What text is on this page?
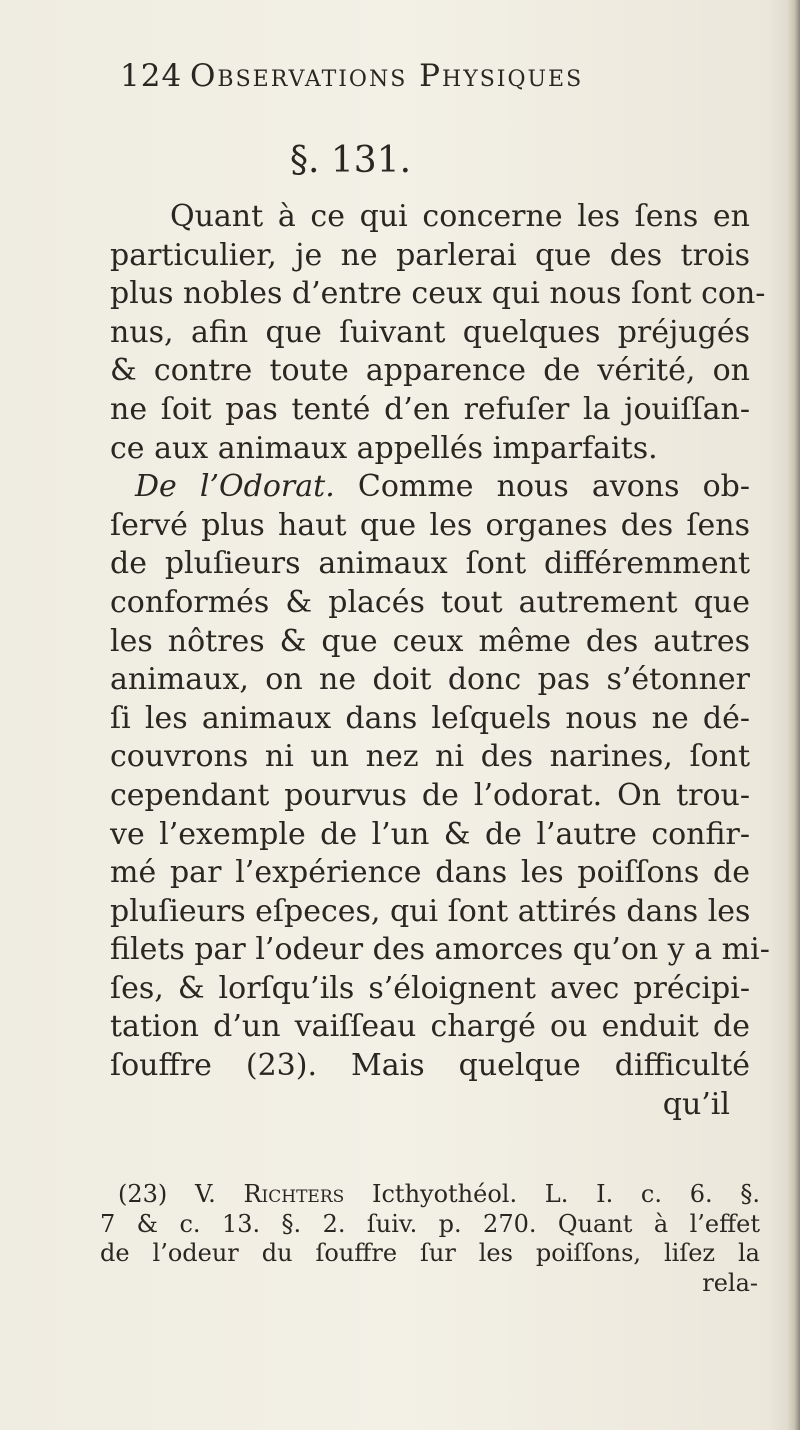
124 Observations Physiques
§. 131.
Quant à ce qui concerne les ſens en
particulier, je ne parlerai que des trois
plus nobles d’entre ceux qui nous ſont con-
nus, afin que ſuivant quelques préjugés
& contre toute apparence de vérité, on
ne ſoit pas tenté d’en refuſer la jouiſſan-
ce aux animaux appellés imparfaits.
De l’Odorat. Comme nous avons ob-
ſervé plus haut que les organes des ſens
de pluſieurs animaux ſont différemment
conformés & placés tout autrement que
les nôtres & que ceux même des autres
animaux, on ne doit donc pas s’étonner
ſi les animaux dans leſquels nous ne dé-
couvrons ni un nez ni des narines, ſont
cependant pourvus de l’odorat. On trou-
ve l’exemple de l’un & de l’autre confir-
mé par l’expérience dans les poiſſons de
pluſieurs eſpeces, qui ſont attirés dans les
filets par l’odeur des amorces qu’on y a mi-
ſes, & lorſqu’ils s’éloignent avec précipi-
tation d’un vaiſſeau chargé ou enduit de
ſouffre (23). Mais quelque difficulté
qu’il
(23) V. Richters Icthyothéol. L. I. c. 6. §.
7 & c. 13. §. 2. ſuiv. p. 270. Quant à l’effet
de l’odeur du ſouffre ſur les poiſſons, liſez la
rela-
